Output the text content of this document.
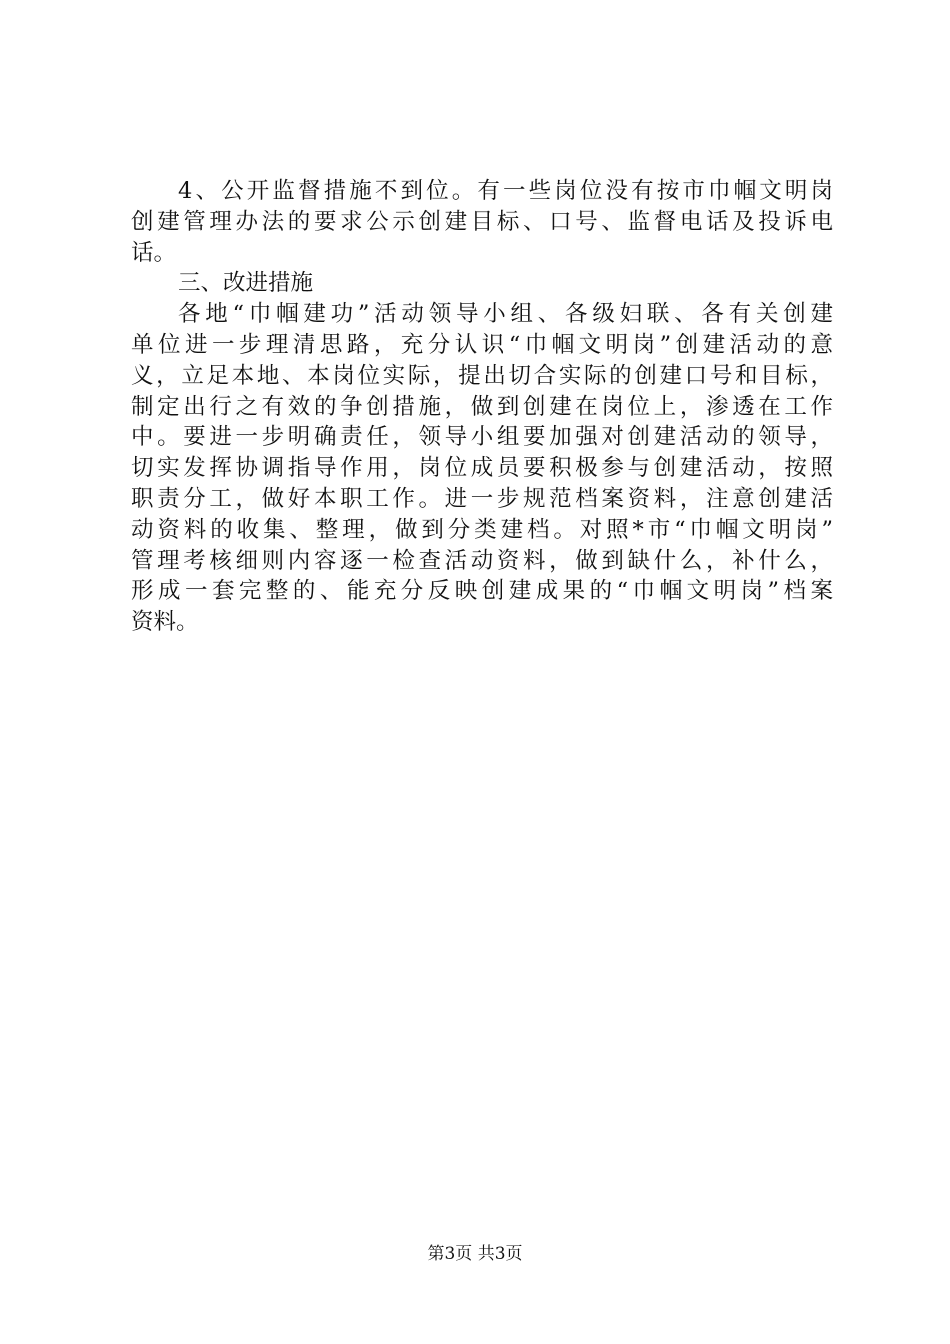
4、公开监督措施不到位。有一些岗位没有按市巾帼文明岗
创建管理办法的要求公示创建目标、口号、监督电话及投诉电
话。
三、改进措施
各地“巾帼建功”活动领导小组、各级妇联、各有关创建
单位进一步理清思路，充分认识“巾帼文明岗”创建活动的意
义，立足本地、本岗位实际，提出切合实际的创建口号和目标，
制定出行之有效的争创措施，做到创建在岗位上，渗透在工作
中。要进一步明确责任，领导小组要加强对创建活动的领导，
切实发挥协调指导作用，岗位成员要积极参与创建活动，按照
职责分工，做好本职工作。进一步规范档案资料，注意创建活
动资料的收集、整理，做到分类建档。对照*市“巾帼文明岗”
管理考核细则内容逐一检查活动资料，做到缺什么，补什么，
形成一套完整的、能充分反映创建成果的“巾帼文明岗”档案
资料。
第3页 共3页
